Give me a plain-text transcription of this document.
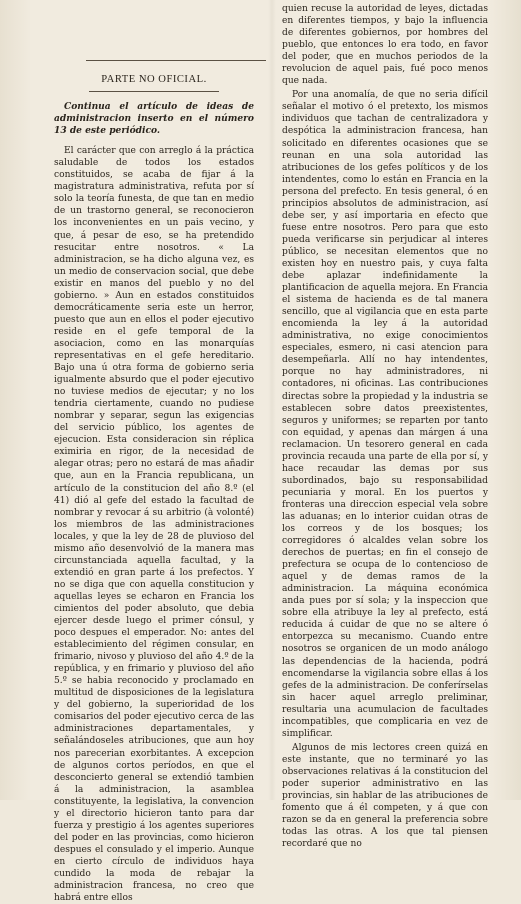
PARTE NO OFICIAL.

Continua el artículo de ideas de administracion inserto en el número 13 de este periódico.

El carácter que con arreglo á la práctica saludable de todos los estados constituidos, se acaba de fijar á la magistratura administrativa, refuta por sí solo la teoría funesta, de que tan en medio de un trastorno general, se reconocieron los inconvenientes en un pais vecino, y que, á pesar de eso, se ha pretendido resucitar entre nosotros. « La administracion, se ha dicho alguna vez, es un medio de conservacion social, que debe existir en manos del pueblo y no del gobierno. » Aun en estados constituidos democráticamente seria este un herror, puesto que aun en ellos el poder ejecutivo reside en el gefe temporal de la asociacion, como en las monarquías representativas en el gefe hereditario. Bajo una ú otra forma de gobierno seria igualmente absurdo que el poder ejecutivo no tuviese medios de ejecutar; y no los tendria ciertamente, cuando no pudiese nombrar y separar, segun las exigencias del servicio público, los agentes de ejecucion. Esta consideracion sin réplica eximiria en rigor, de la necesidad de alegar otras; pero no estará de mas añadir que, aun en la Francia republicana, un artículo de la constitucion del año 8.º (el 41) dió al gefe del estado la facultad de nombrar y revocar á su arbitrio (à volonté) los miembros de las administraciones locales, y que la ley de 28 de pluvioso del mismo año desenvolvió de la manera mas circunstanciada aquella facultad, y la extendió en gran parte á los prefectos. Y no se diga que con aquella constitucion y aquellas leyes se echaron en Francia los cimientos del poder absoluto, que debia ejercer desde luego el primer cónsul, y poco despues el emperador. No: antes del establecimiento del régimen consular, en frimario, nivoso y pluvioso del año 4.º de la república, y en frimario y pluvioso del año 5.º se habia reconocido y proclamado en multitud de disposiciones de la legislatura y del gobierno, la superioridad de los comisarios del poder ejecutivo cerca de las administraciones departamentales, y señalándoseles atribuciones, que aun hoy nos parecerian exorbitantes. A excepcion de algunos cortos períodos, en que el desconcierto general se extendió tambien á la administracion, la asamblea constituyente, la legislativa, la convencion y el directorio hicieron tanto para dar fuerza y prestigio á los agentes superiores del poder en las provincias, como hicieron despues el consulado y el imperio. Aunque en cierto círculo de individuos haya cundido la moda de rebajar la administracion francesa, no creo que habrá entre ellos

quien recuse la autoridad de leyes, dictadas en diferentes tiempos, y bajo la influencia de diferentes gobiernos, por hombres del pueblo, que entonces lo era todo, en favor del poder, que en muchos periodos de la revolucion de aquel pais, fué poco menos que nada.

Por una anomalía, de que no seria difícil señalar el motivo ó el pretexto, los mismos individuos que tachan de centralizadora y despótica la administracion francesa, han solicitado en diferentes ocasiones que se reunan en una sola autoridad las atribuciones de los gefes políticos y de los intendentes, como lo están en Francia en la persona del prefecto. En tesis general, ó en principios absolutos de administracion, así debe ser, y así importaria en efecto que fuese entre nosotros. Pero para que esto pueda verificarse sin perjudicar al interes público, se necesitan elementos que no existen hoy en nuestro pais, y cuya falta debe aplazar indefinidamente la plantificacion de aquella mejora. En Francia el sistema de hacienda es de tal manera sencillo, que al vigilancia que en esta parte encomienda la ley á la autoridad administrativa, no exige conocimientos especiales, esmero, ni casi atencion para desempeñarla. Allí no hay intendentes, porque no hay administradores, ni contadores, ni oficinas. Las contribuciones directas sobre la propiedad y la industria se establecen sobre datos preexistentes, seguros y uniformes; se reparten por tanto con equidad, y apenas dan márgen á una reclamacion. Un tesorero general en cada provincia recauda una parte de ella por sí, y hace recaudar las demas por sus subordinados, bajo su responsabilidad pecuniaria y moral. En los puertos y fronteras una direccion especial vela sobre las aduanas; en lo interior cuidan otras de los correos y de los bosques; los corregidores ó alcaldes velan sobre los derechos de puertas; en fin el consejo de prefectura se ocupa de lo contencioso de aquel y de demas ramos de la administracion. La máquina económica anda pues por sí sola; y la inspeccion que sobre ella atribuye la ley al prefecto, está reducida á cuidar de que no se altere ó entorpezca su mecanismo. Cuando entre nosotros se organicen de un modo análogo las dependencias de la hacienda, podrá encomendarse la vigilancia sobre ellas á los gefes de la administracion. De conferírselas sin hacer aquel arreglo preliminar, resultaria una acumulacion de facultades incompatibles, que complicaria en vez de simplificar.

Algunos de mis lectores creen quizá en este instante, que no terminaré yo las observaciones relativas á la constitucion del poder superior administrativo en las provincias, sin hablar de las atribuciones de fomento que á él competen, y á que con razon se da en general la preferencia sobre todas las otras. A los que tal piensen recordaré que no
